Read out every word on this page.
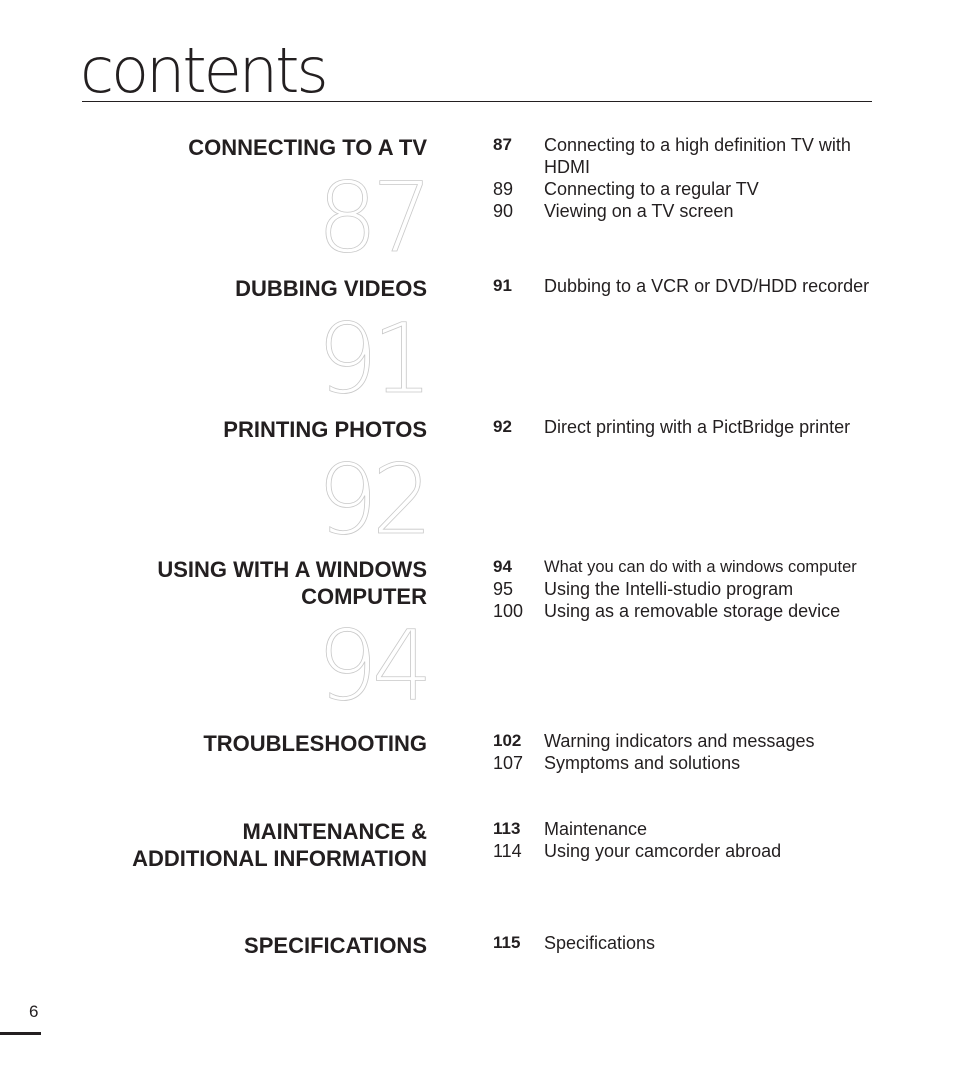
contents
CONNECTING TO A TV
87
87	Connecting to a high definition TV with HDMI
89	Connecting to a regular TV
90	Viewing on a TV screen
DUBBING VIDEOS
91
91	Dubbing to a VCR or DVD/HDD recorder
PRINTING PHOTOS
92
92	Direct printing with a PictBridge printer
USING WITH A WINDOWS
COMPUTER
94
94	What you can do with a windows computer
95	Using the Intelli-studio program
100	Using as a removable storage device
TROUBLESHOOTING	102	Warning indicators and messages
107	Symptoms and solutions
MAINTENANCE &
ADDITIONAL INFORMATION
113	Maintenance
114	Using your camcorder abroad
SPECIFICATIONS	115	Specifications
6
